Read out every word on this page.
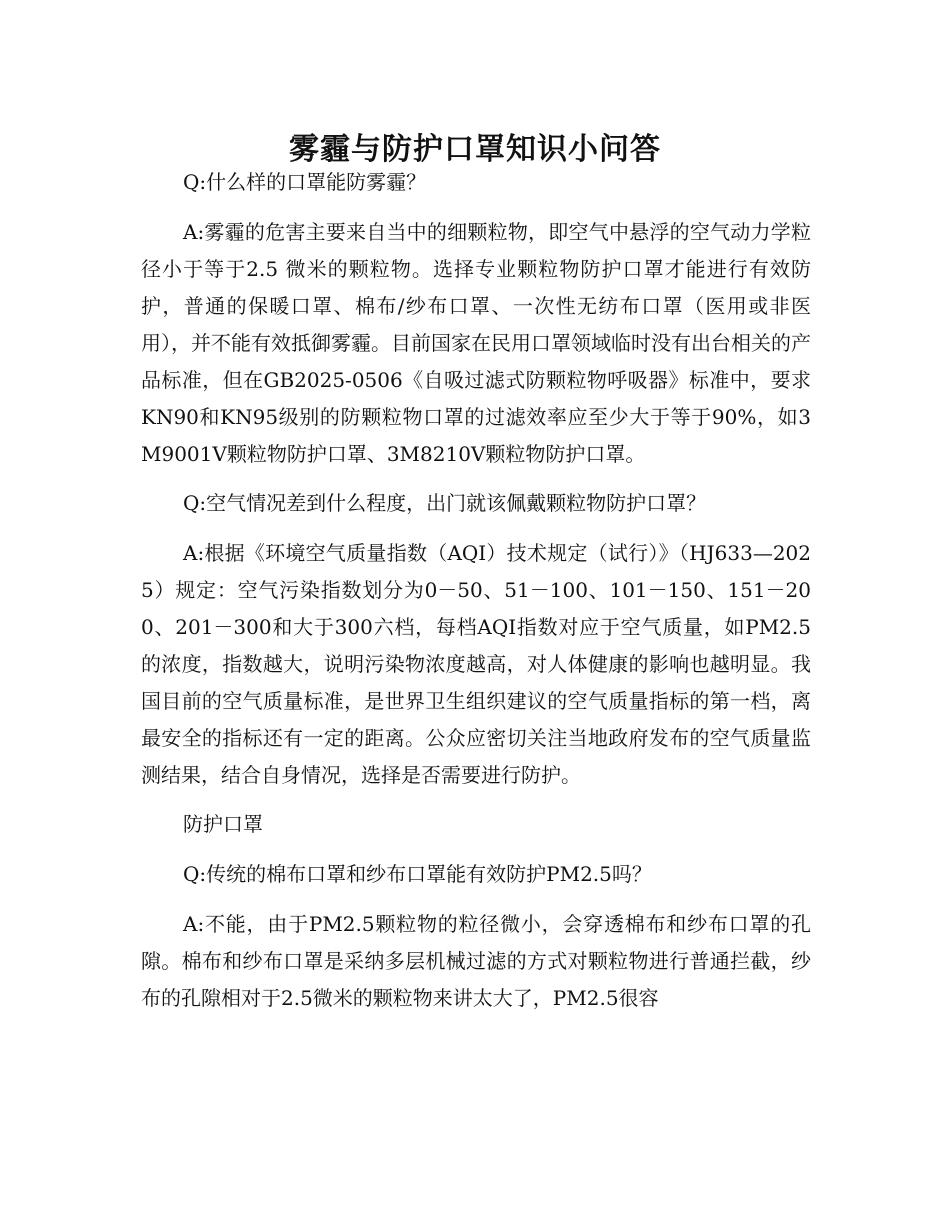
雾霾与防护口罩知识小问答

Q:什么样的口罩能防雾霾？

A:雾霾的危害主要来自当中的细颗粒物，即空气中悬浮的空气动力学粒径小于等于2.5 微米的颗粒物。选择专业颗粒物防护口罩才能进行有效防护，普通的保暖口罩、棉布/纱布口罩、一次性无纺布口罩（医用或非医用），并不能有效抵御雾霾。目前国家在民用口罩领域临时没有出台相关的产品标准，但在GB2025-0506《自吸过滤式防颗粒物呼吸器》标准中，要求KN90和KN95级别的防颗粒物口罩的过滤效率应至少大于等于90%，如3M9001V颗粒物防护口罩、3M8210V颗粒物防护口罩。

Q:空气情况差到什么程度，出门就该佩戴颗粒物防护口罩？

A:根据《环境空气质量指数（AQI）技术规定（试行）》（HJ633—2025）规定：空气污染指数划分为0－50、51－100、101－150、151－200、201－300和大于300六档，每档AQI指数对应于空气质量，如PM2.5的浓度，指数越大，说明污染物浓度越高，对人体健康的影响也越明显。我国目前的空气质量标准，是世界卫生组织建议的空气质量指标的第一档，离最安全的指标还有一定的距离。公众应密切关注当地政府发布的空气质量监测结果，结合自身情况，选择是否需要进行防护。

防护口罩

Q:传统的棉布口罩和纱布口罩能有效防护PM2.5吗？

A:不能，由于PM2.5颗粒物的粒径微小，会穿透棉布和纱布口罩的孔隙。棉布和纱布口罩是采纳多层机械过滤的方式对颗粒物进行普通拦截，纱布的孔隙相对于2.5微米的颗粒物来讲太大了，PM2.5很容
